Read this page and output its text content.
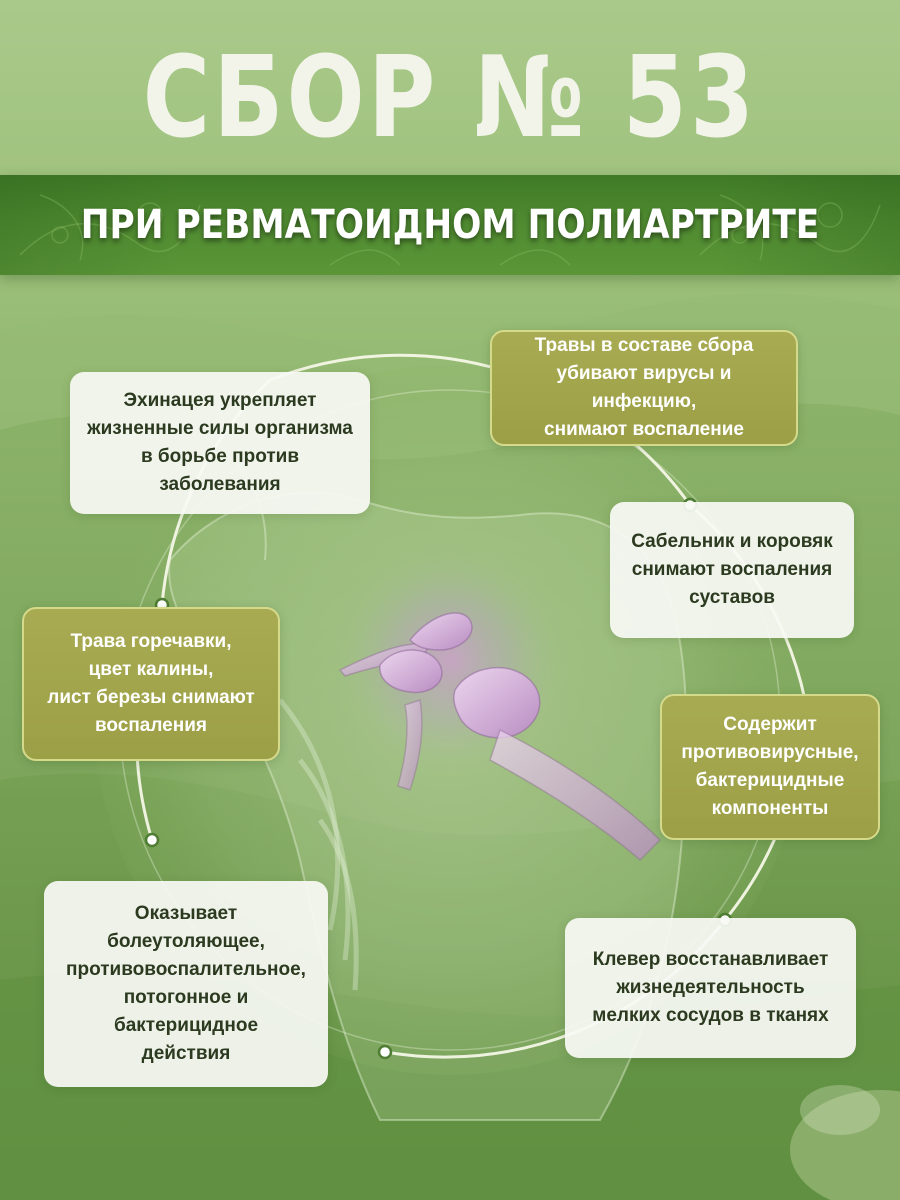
СБОР № 53
ПРИ РЕВМАТОИДНОМ ПОЛИАРТРИТЕ
Эхинацея укрепляет
жизненные силы организма
в борьбе против
заболевания
Травы в составе сбора
убивают вирусы и инфекцию,
снимают воспаление
Сабельник и коровяк
снимают воспаления
суставов
Трава горечавки,
цвет калины,
лист березы снимают
воспаления	Содержит
противовирусные,
бактерицидные
компоненты
Оказывает
болеутоляющее,
противовоспалительное,
потогонное и
бактерицидное
действия
Клевер восстанавливает
жизнедеятельность
мелких сосудов в тканях
